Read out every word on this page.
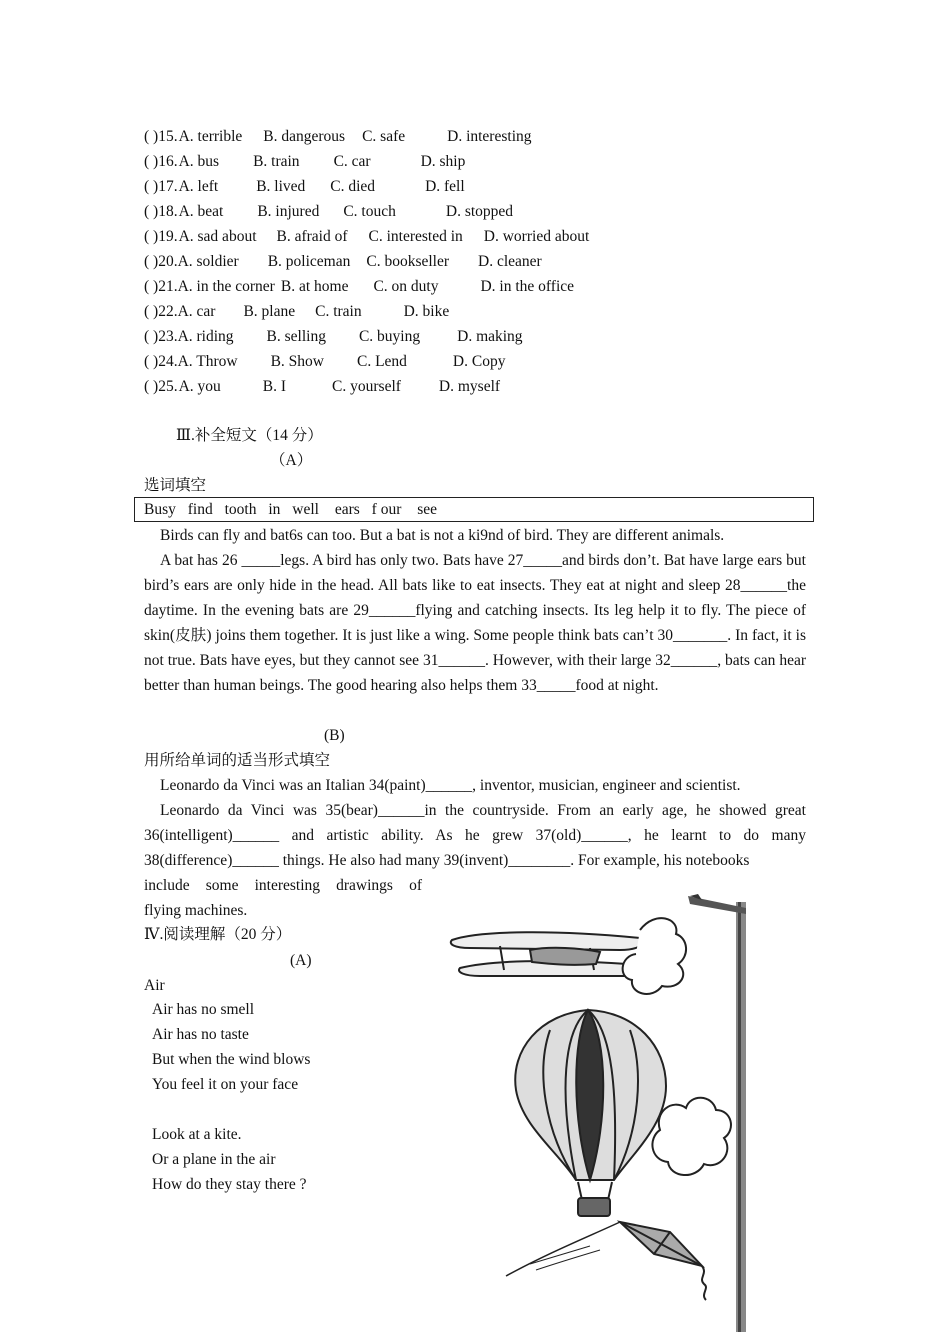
( )15.A. terrible B. dangerous C. safe	D. interesting
( )16.A. bus B. train C. car	D. ship
( )17.A. left B. lived C. died	D. fell
( )18.A. beat B. injured C. touch	D. stopped
( )19.A. sad about B. afraid of C. interested in D. worried about
( )20.A. soldier B. policeman C. bookseller D. cleaner
( )21.A. in the corner B. at home C. on duty	D. in the office
( )22.A. car B. plane C. train	D. bike
( )23.A. riding B. selling C. buying D. making
( )24.A. Throw B. Show C. Lend	D. Copy
( )25.A. you	B. I	C. yourself D. myself
Ⅲ.补全短文（14 分）
（A）
选词填空
Busy find tooth in well ears f our see

Birds can fly and bat6s can too. But a bat is not a ki9nd of bird. They are different animals.

A bat has 26 _____legs. A bird has only two. Bats have 27_____and birds don’t. Bat have large ears but bird’s ears are only hide in the head. All bats like to eat insects. They eat at night and sleep 28______the daytime. In the evening bats are 29______flying and catching insects. Its leg help it to fly. The piece of skin(皮肤) joins them together. It is just like a wing. Some people think bats can’t 30_______. In fact, it is not true. Bats have eyes, but they cannot see 31______. However, with their large 32______, bats can hear better than human beings. The good hearing also helps them 33_____food at night.

(B)
用所给单词的适当形式填空

Leonardo da Vinci was an Italian 34(paint)______, inventor, musician, engineer and scientist.

Leonardo da Vinci was 35(bear)______in the countryside. From an early age, he showed great 36(intelligent)______ and artistic ability. As he grew 37(old)______, he learnt to do many 38(difference)______ things. He also had many 39(invent)________. For example, his notebooks

include some interesting drawings of
flying machines.
Ⅳ.阅读理解（20 分）
(A)
Air
Air has no smell
Air has no taste
But when the wind blows
You feel it on your face
Look at a kite.
Or a plane in the air
How do they stay there ?
